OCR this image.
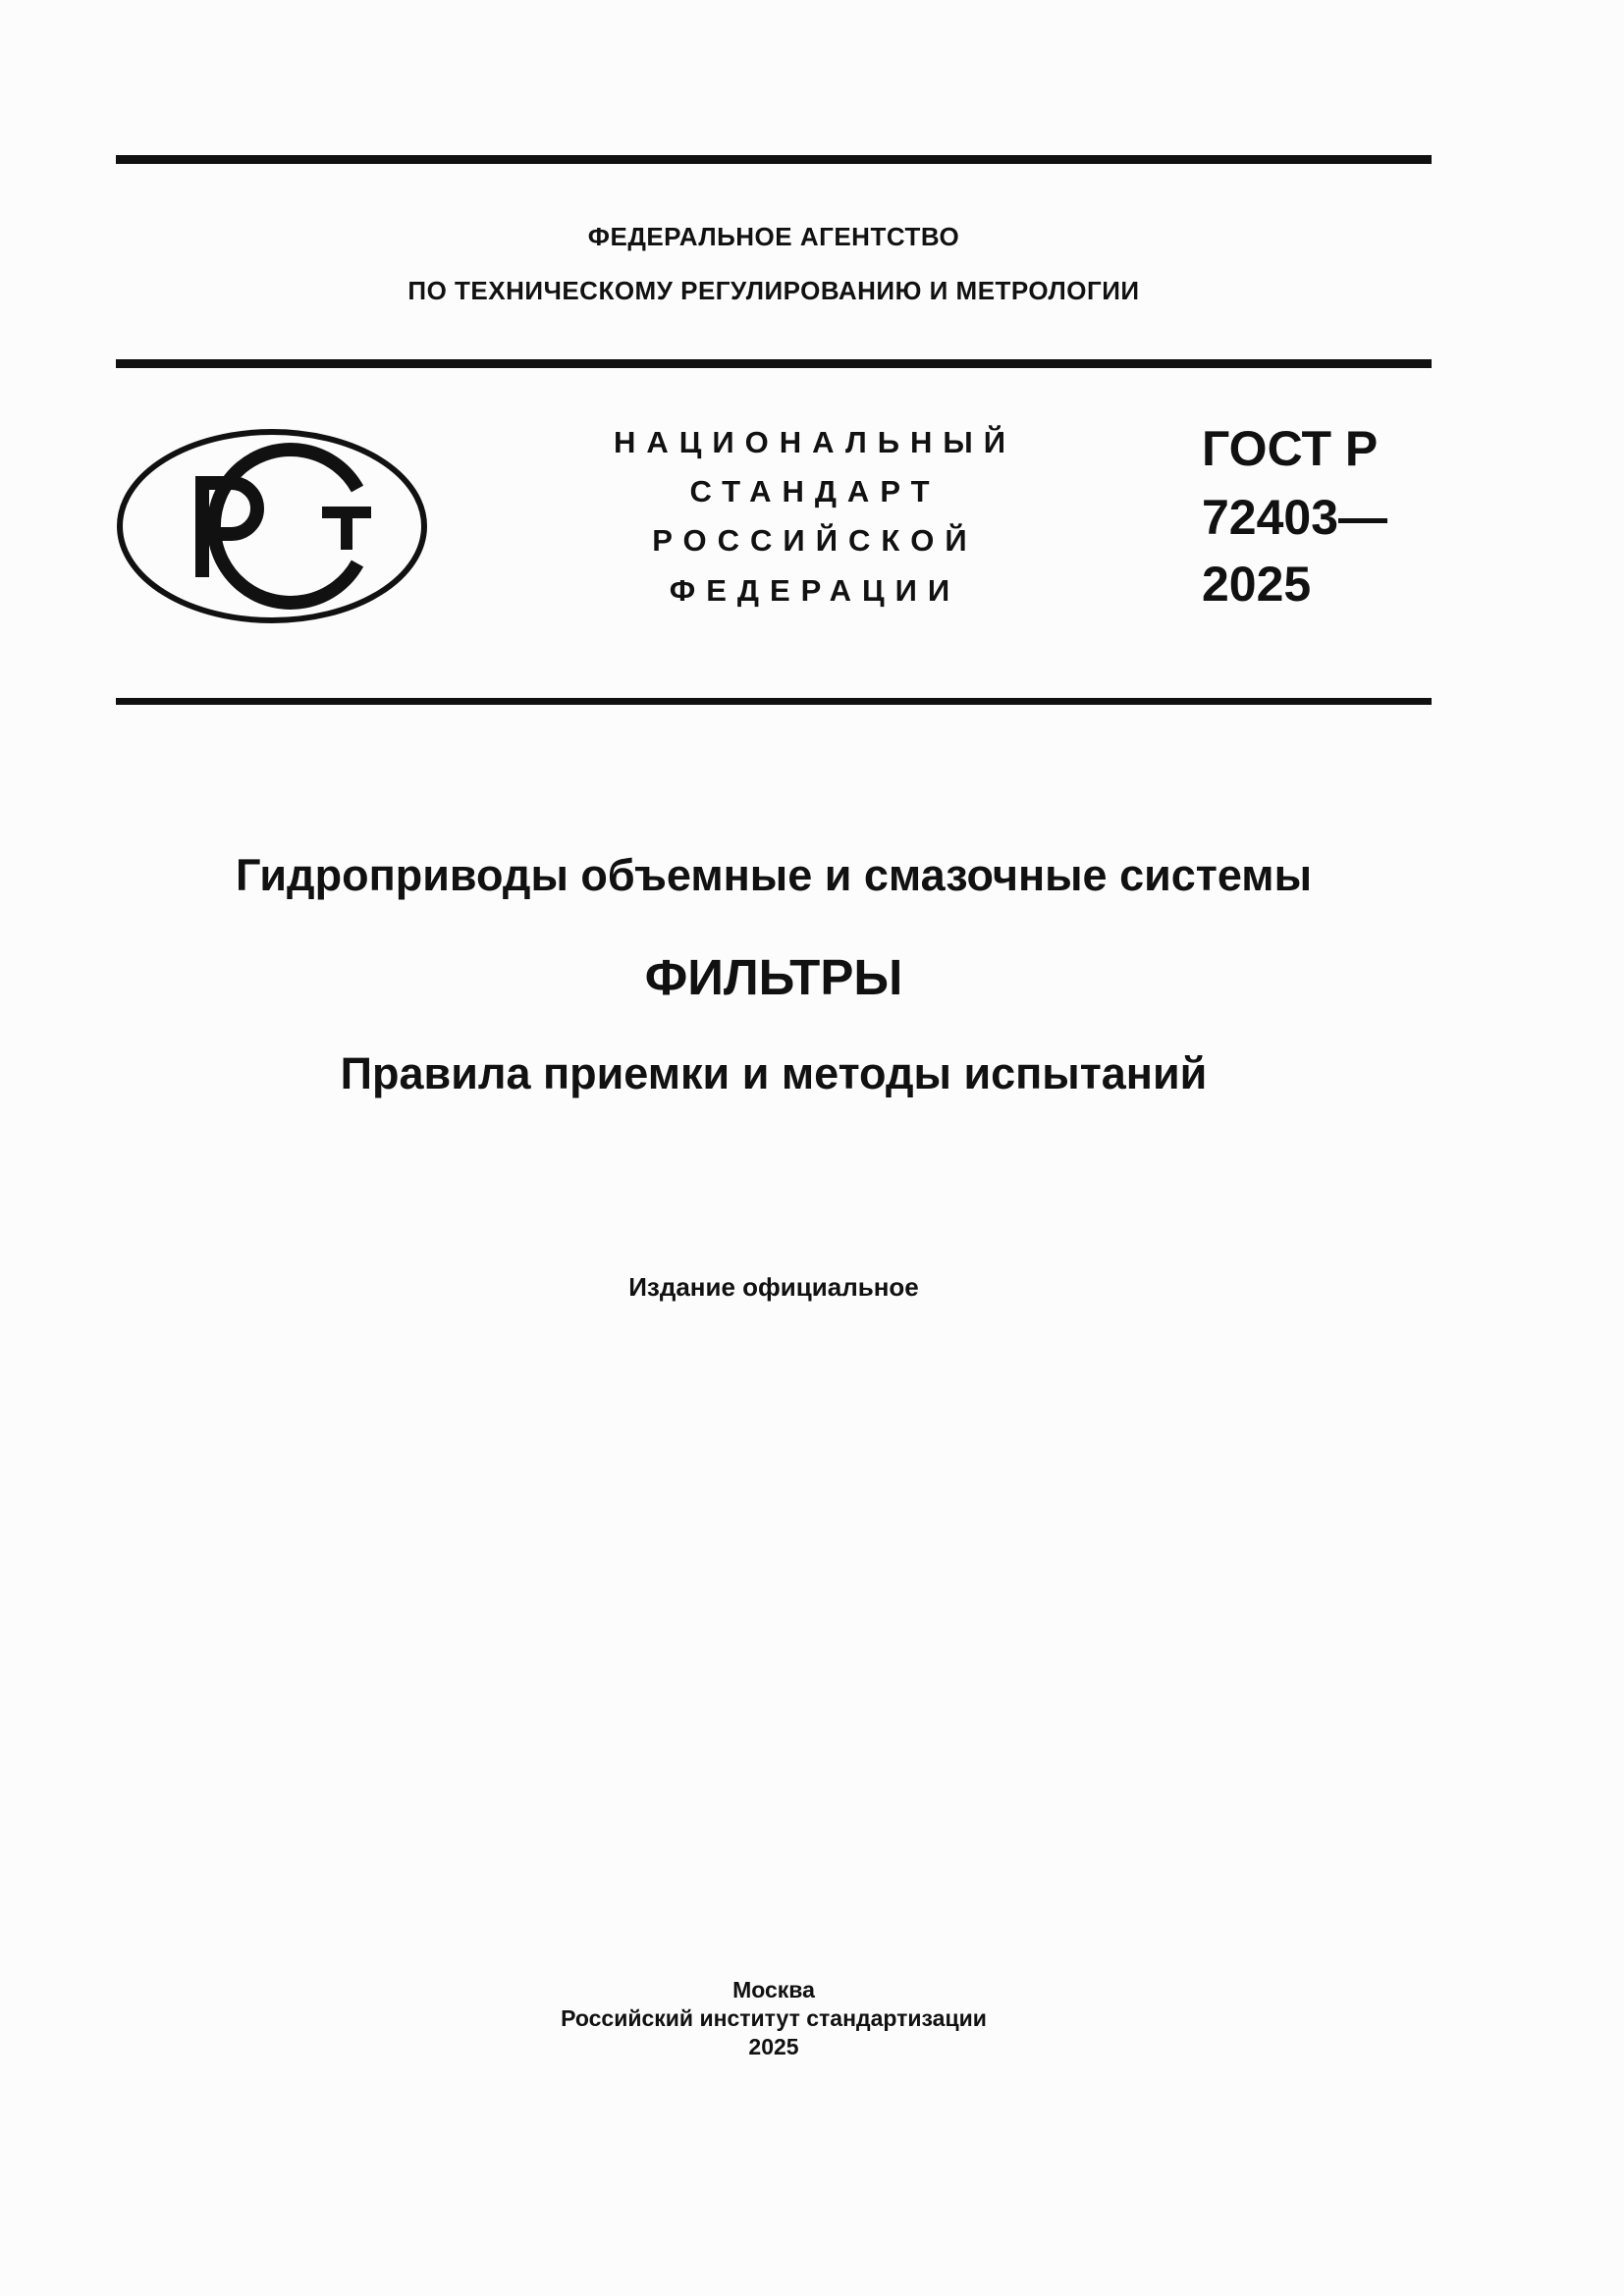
ФЕДЕРАЛЬНОЕ АГЕНТСТВО
ПО ТЕХНИЧЕСКОМУ РЕГУЛИРОВАНИЮ И МЕТРОЛОГИИ
НАЦИОНАЛЬНЫЙ
СТАНДАРТ
РОССИЙСКОЙ
ФЕДЕРАЦИИ
ГОСТ Р
72403—
2025
Гидроприводы объемные и смазочные системы
ФИЛЬТРЫ
Правила приемки и методы испытаний
Издание официальное
Москва
Российский институт стандартизации
2025
